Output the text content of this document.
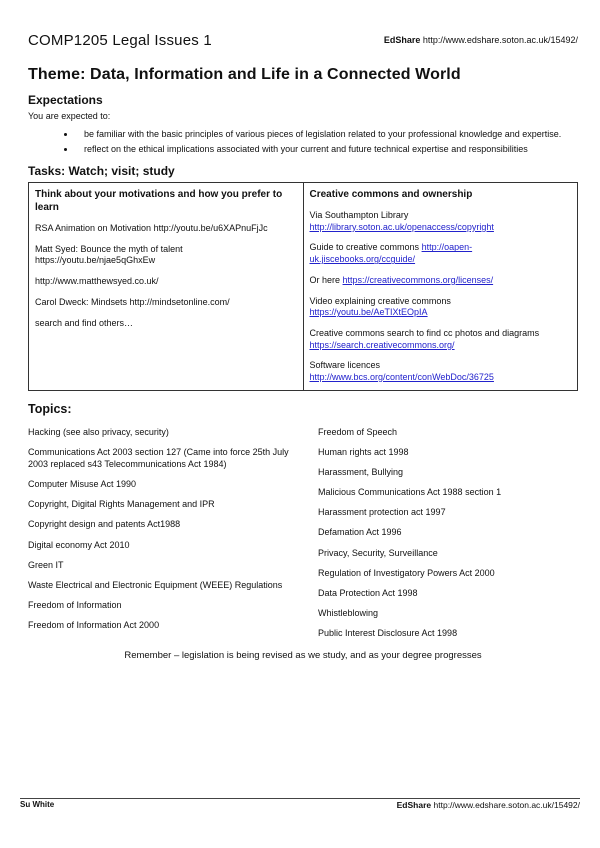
COMP1205 Legal Issues 1	EdShare http://www.edshare.soton.ac.uk/15492/
Theme: Data, Information and Life in a Connected World
Expectations
You are expected to:
• be familiar with the basic principles of various pieces of legislation related to your professional knowledge and expertise.
• reflect on the ethical implications associated with your current and future technical expertise and responsibilities
Tasks: Watch; visit; study

Think about your motivations and how you prefer to learn

RSA Animation on Motivation http://youtu.be/u6XAPnuFjJc

Matt Syed: Bounce the myth of talent https://youtu.be/njae5qGhxEw

http://www.matthewsyed.co.uk/

Carol Dweck: Mindsets http://mindsetonline.com/

search and find others…

Creative commons and ownership

Via Southampton Library
http://library.soton.ac.uk/openaccess/copyright

Guide to creative commons http://oapen-uk.jiscebooks.org/ccguide/

Or here https://creativecommons.org/licenses/

Video explaining creative commons
https://youtu.be/AeTIXtEOpIA

Creative commons search to find cc photos and diagrams
https://search.creativecommons.org/

Software licences
http://www.bcs.org/content/conWebDoc/36725

Topics:

Hacking (see also privacy, security)

Communications Act 2003 section 127 (Came into force 25th July 2003 replaced s43 Telecommunications Act 1984)

Computer Misuse Act 1990

Copyright, Digital Rights Management and IPR

Copyright design and patents Act1988

Digital economy Act 2010

Green IT

Waste Electrical and Electronic Equipment (WEEE) Regulations

Freedom of Information

Freedom of Information Act 2000

Freedom of Speech

Human rights act 1998

Harassment, Bullying

Malicious Communications Act 1988 section 1

Harassment protection act 1997

Defamation Act 1996

Privacy, Security, Surveillance

Regulation of Investigatory Powers Act 2000

Data Protection Act 1998

Whistleblowing

Public Interest Disclosure Act 1998

Remember – legislation is being revised as we study, and as your degree progresses
Su White	EdShare http://www.edshare.soton.ac.uk/15492/
